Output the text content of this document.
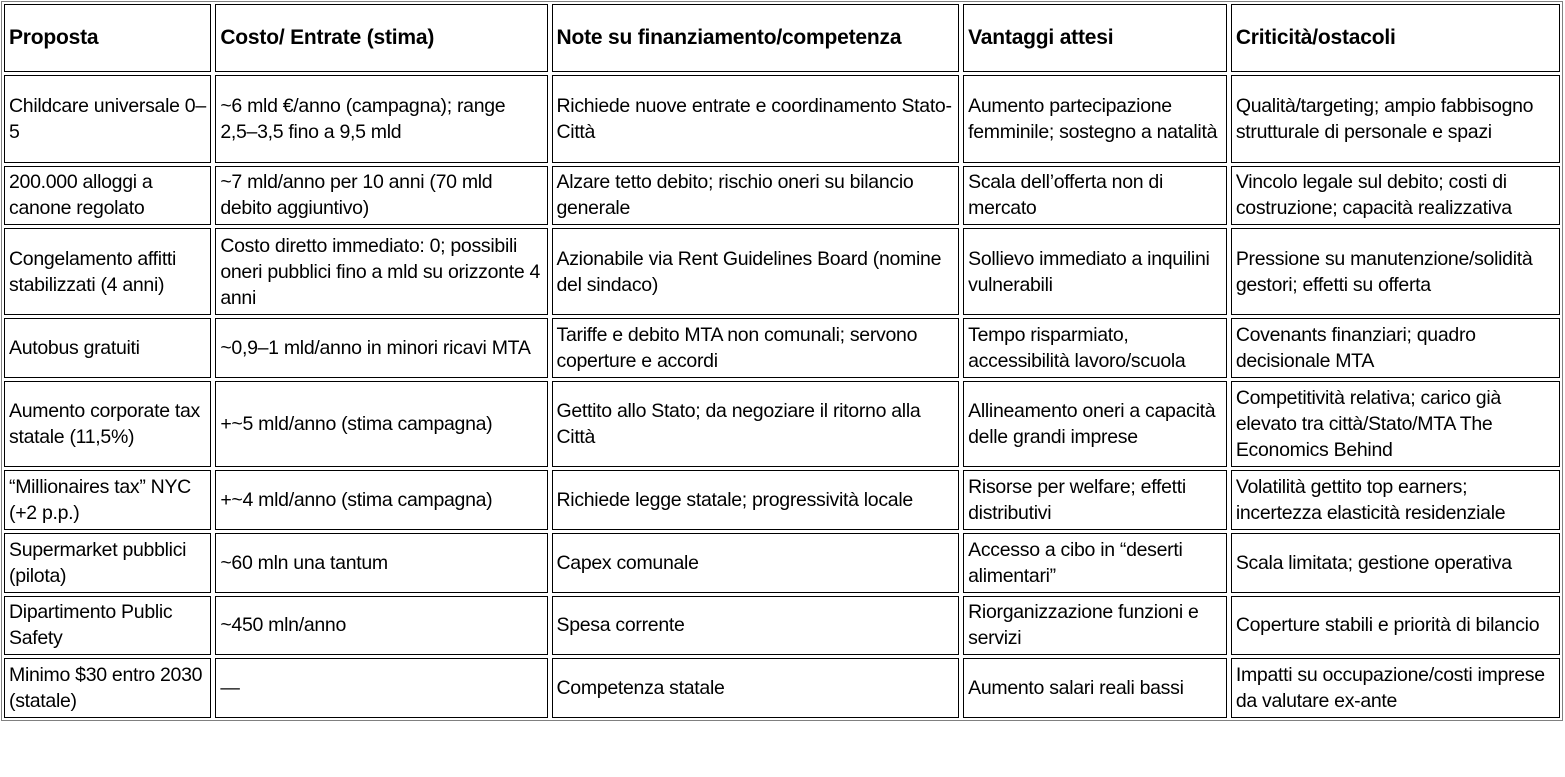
Proposta	Costo/ Entrate (stima)	Note su finanziamento/competenza	Vantaggi attesi	Criticità/ostacoli
Childcare universale 0–5	~6 mld €/anno (campagna); range 2,5–3,5 fino a 9,5 mld	Richiede nuove entrate e coordinamento Stato-Città	Aumento partecipazione femminile; sostegno a natalità	Qualità/targeting; ampio fabbisogno strutturale di personale e spazi
200.000 alloggi a canone regolato	~7 mld/anno per 10 anni (70 mld debito aggiuntivo)	Alzare tetto debito; rischio oneri su bilancio generale	Scala dell’offerta non di mercato	Vincolo legale sul debito; costi di costruzione; capacità realizzativa
Congelamento affitti stabilizzati (4 anni)	Costo diretto immediato: 0; possibili oneri pubblici fino a mld su orizzonte 4 anni	Azionabile via Rent Guidelines Board (nomine del sindaco)	Sollievo immediato a inquilini vulnerabili	Pressione su manutenzione/solidità gestori; effetti su offerta
Autobus gratuiti	~0,9–1 mld/anno in minori ricavi MTA	Tariffe e debito MTA non comunali; servono coperture e accordi	Tempo risparmiato, accessibilità lavoro/scuola	Covenants finanziari; quadro decisionale MTA
Aumento corporate tax statale (11,5%)	+~5 mld/anno (stima campagna)	Gettito allo Stato; da negoziare il ritorno alla Città	Allineamento oneri a capacità delle grandi imprese	Competitività relativa; carico già elevato tra città/Stato/MTA The Economics Behind
“Millionaires tax” NYC (+2 p.p.)	+~4 mld/anno (stima campagna)	Richiede legge statale; progressività locale	Risorse per welfare; effetti distributivi	Volatilità gettito top earners; incertezza elasticità residenziale
Supermarket pubblici (pilota)	~60 mln una tantum	Capex comunale	Accesso a cibo in “deserti alimentari”	Scala limitata; gestione operativa
Dipartimento Public Safety	~450 mln/anno	Spesa corrente	Riorganizzazione funzioni e servizi	Coperture stabili e priorità di bilancio
Minimo $30 entro 2030 (statale)	—	Competenza statale	Aumento salari reali bassi	Impatti su occupazione/costi imprese da valutare ex-ante
